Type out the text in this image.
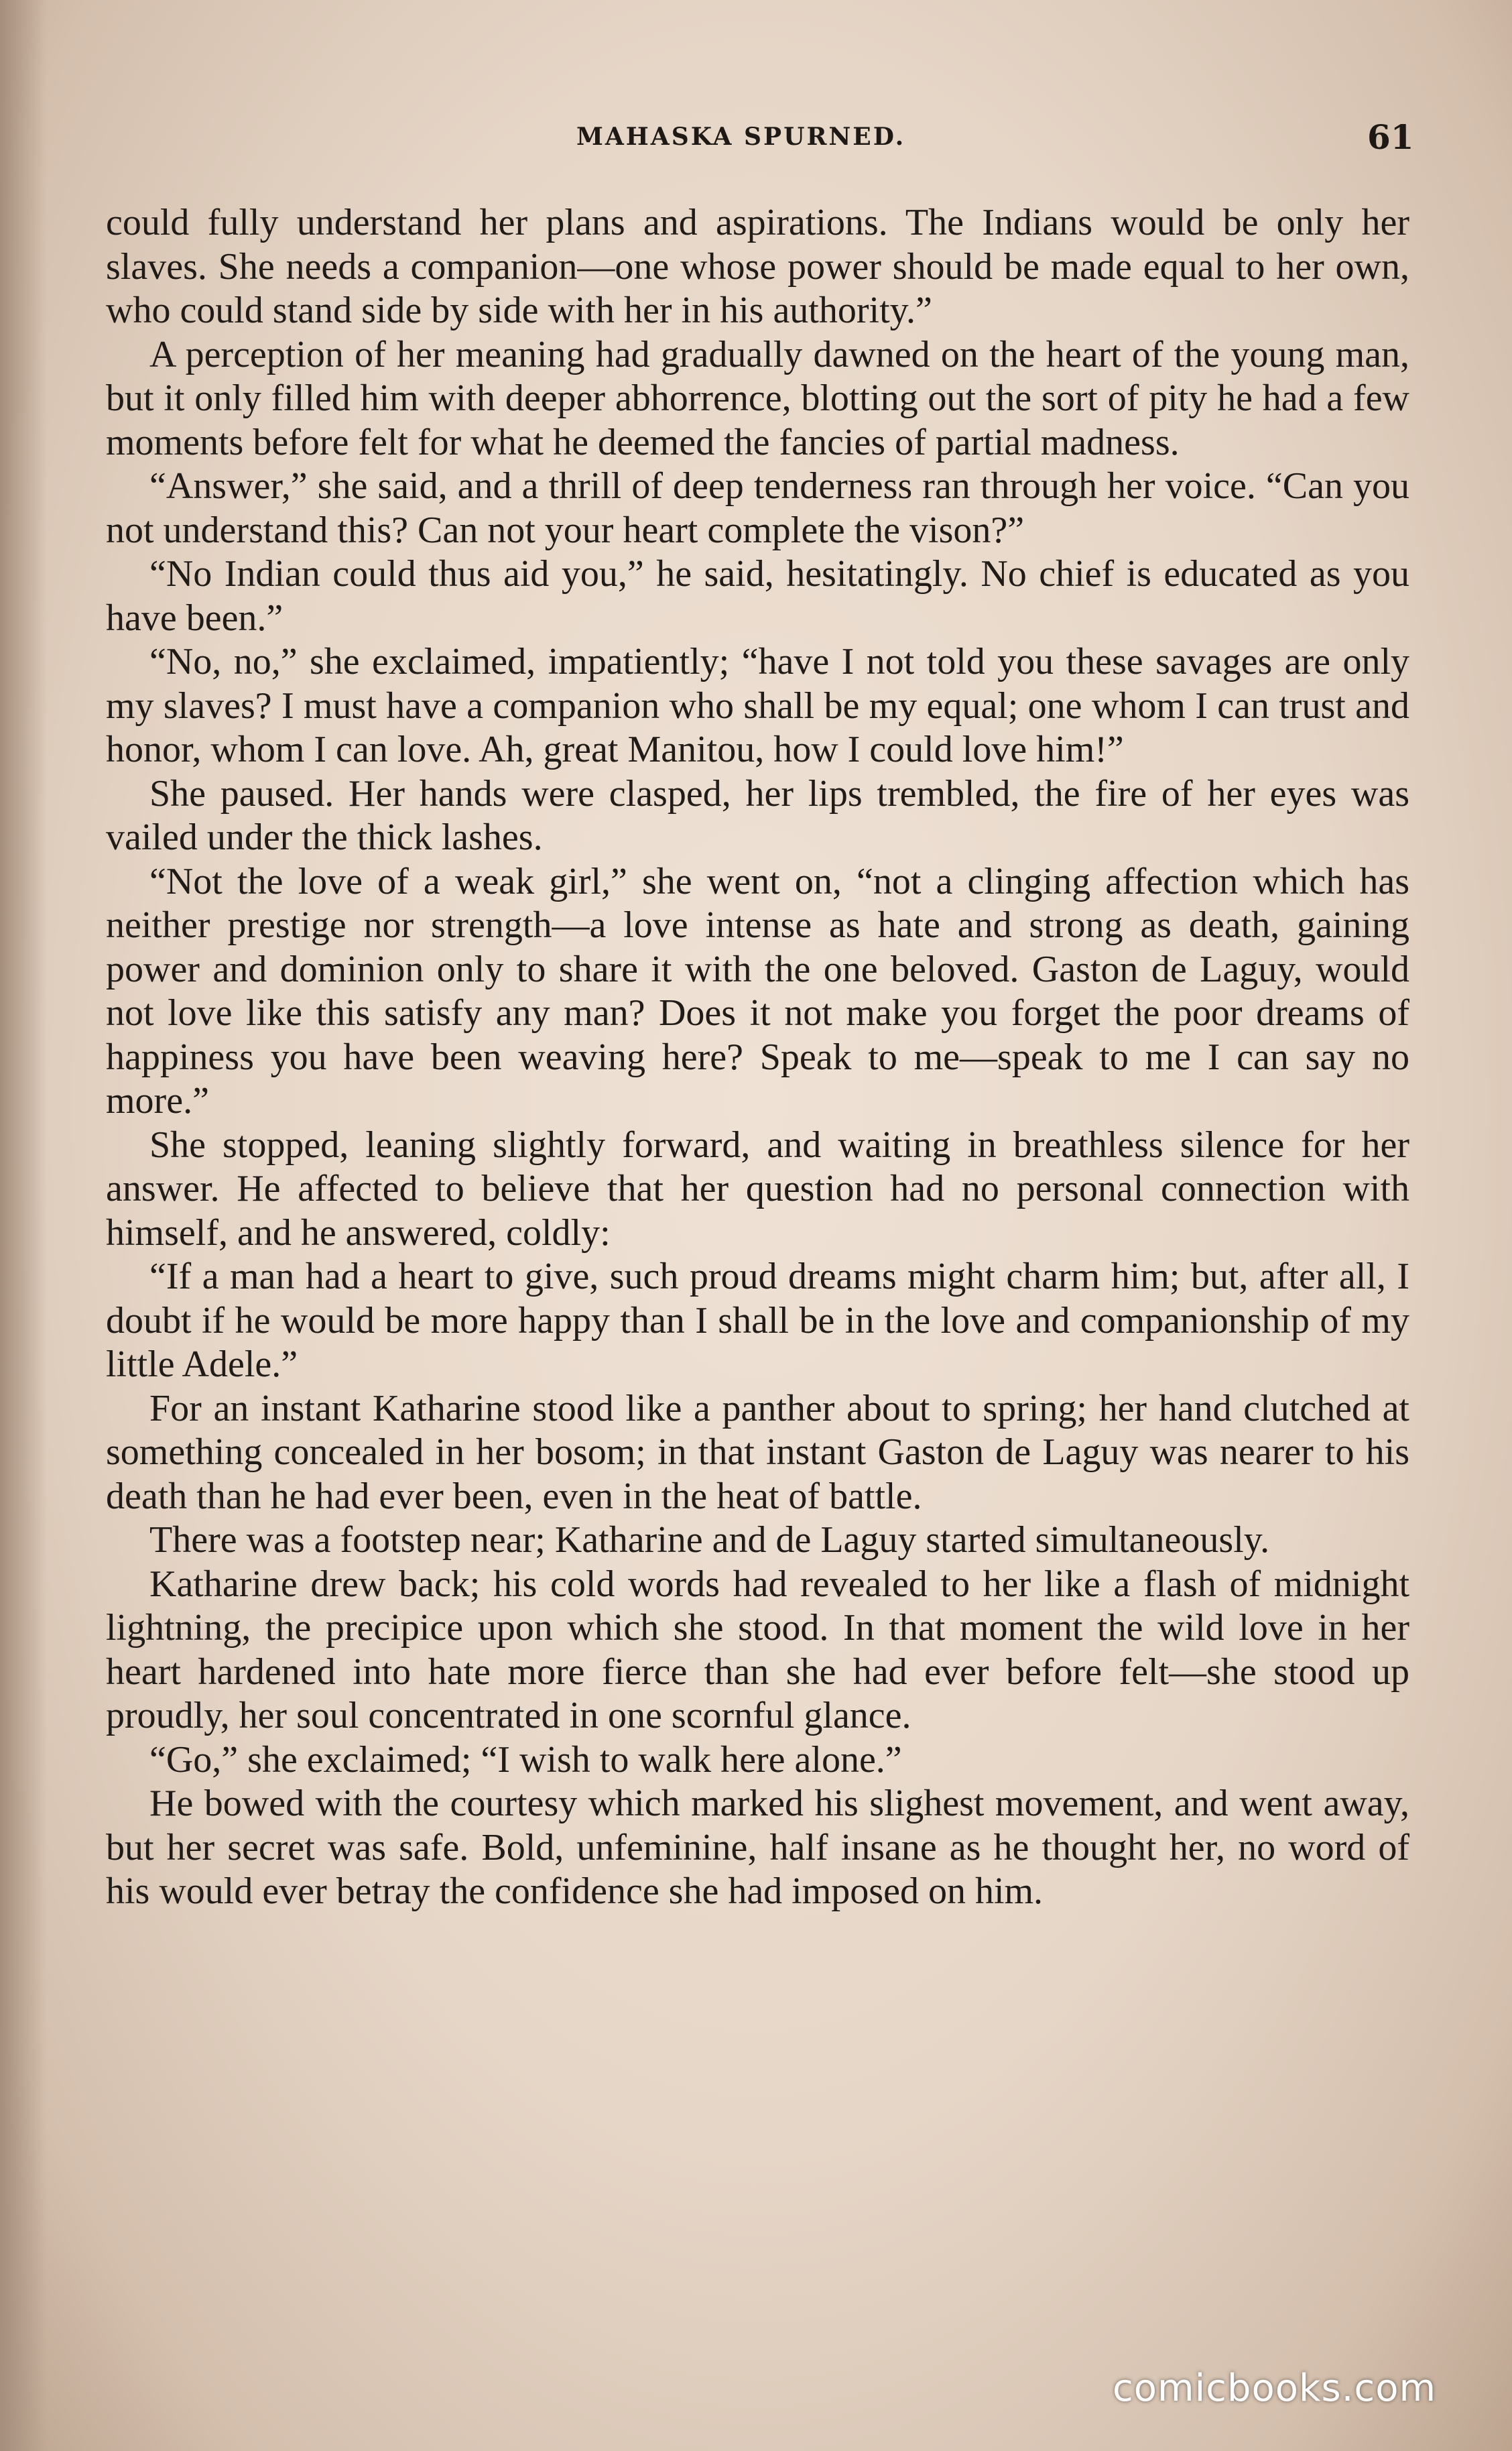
MAHASKA SPURNED.	61

could fully understand her plans and aspirations. The Indians would be only her slaves. She needs a companion—one whose power should be made equal to her own, who could stand side by side with her in his authority.”

A perception of her meaning had gradually dawned on the heart of the young man, but it only filled him with deeper abhorrence, blotting out the sort of pity he had a few moments before felt for what he deemed the fancies of partial madness.

“Answer,” she said, and a thrill of deep tenderness ran through her voice. “Can you not understand this? Can not your heart complete the vison?”

“No Indian could thus aid you,” he said, hesitatingly. No chief is educated as you have been.”

“No, no,” she exclaimed, impatiently; “have I not told you these savages are only my slaves? I must have a companion who shall be my equal; one whom I can trust and honor, whom I can love. Ah, great Manitou, how I could love him!”

She paused. Her hands were clasped, her lips trembled, the fire of her eyes was vailed under the thick lashes.

“Not the love of a weak girl,” she went on, “not a clinging affection which has neither prestige nor strength—a love intense as hate and strong as death, gaining power and dominion only to share it with the one beloved. Gaston de Laguy, would not love like this satisfy any man? Does it not make you forget the poor dreams of happiness you have been weaving here? Speak to me—speak to me I can say no more.”

She stopped, leaning slightly forward, and waiting in breathless silence for her answer. He affected to believe that her question had no personal connection with himself, and he answered, coldly:

“If a man had a heart to give, such proud dreams might charm him; but, after all, I doubt if he would be more happy than I shall be in the love and companionship of my little Adele.”

For an instant Katharine stood like a panther about to spring; her hand clutched at something concealed in her bosom; in that instant Gaston de Laguy was nearer to his death than he had ever been, even in the heat of battle.

There was a footstep near; Katharine and de Laguy started simultaneously.

Katharine drew back; his cold words had revealed to her like a flash of midnight lightning, the precipice upon which she stood. In that moment the wild love in her heart hardened into hate more fierce than she had ever before felt—she stood up proudly, her soul concentrated in one scornful glance.

“Go,” she exclaimed; “I wish to walk here alone.”

He bowed with the courtesy which marked his slighest movement, and went away, but her secret was safe. Bold, unfeminine, half insane as he thought her, no word of his would ever betray the confidence she had imposed on him.

comicbooks.com
